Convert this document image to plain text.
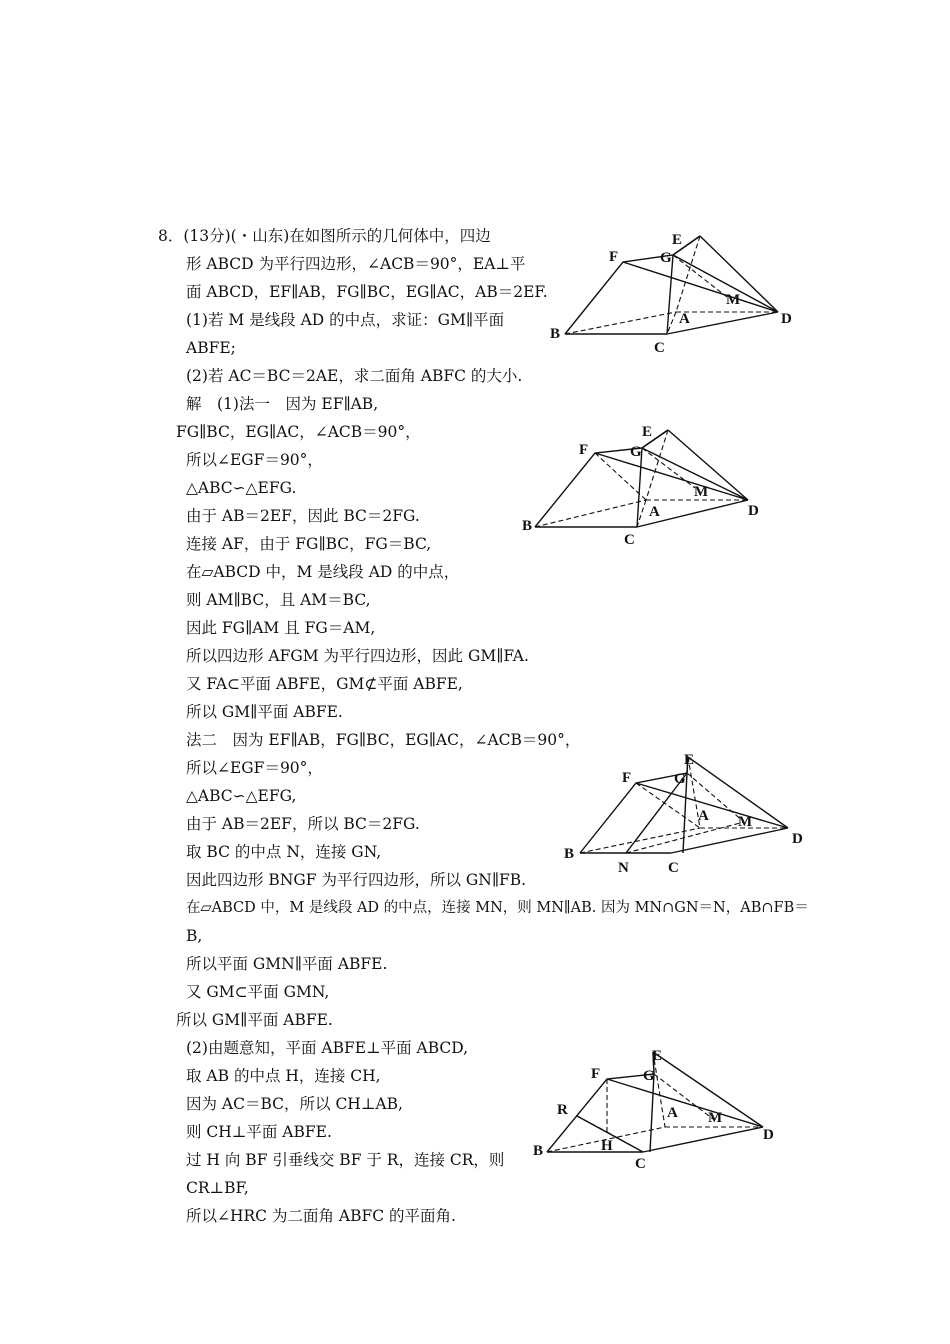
8．(13分)(・山东)在如图所示的几何体中，四边
形 ABCD 为平行四边形，∠ACB＝90°，EA⊥平
面 ABCD，EF∥AB，FG∥BC，EG∥AC，AB＝2EF.
(1)若 M 是线段 AD 的中点，求证：GM∥平面
ABFE;
(2)若 AC＝BC＝2AE，求二面角 ABFC 的大小.
解　(1)法一　因为 EF∥AB,
FG∥BC，EG∥AC，∠ACB＝90°，
所以∠EGF＝90°，
△ABC∽△EFG.
由于 AB＝2EF，因此 BC＝2FG.
连接 AF，由于 FG∥BC，FG＝BC,
在▱ABCD 中，M 是线段 AD 的中点，
则 AM∥BC，且 AM＝BC,
因此 FG∥AM 且 FG＝AM,
所以四边形 AFGM 为平行四边形，因此 GM∥FA.
又 FA⊂平面 ABFE，GM⊄平面 ABFE,
所以 GM∥平面 ABFE.
法二　因为 EF∥AB，FG∥BC，EG∥AC，∠ACB＝90°，
所以∠EGF＝90°，
△ABC∽△EFG,
由于 AB＝2EF，所以 BC＝2FG.
取 BC 的中点 N，连接 GN,
因此四边形 BNGF 为平行四边形，所以 GN∥FB.
在▱ABCD 中，M 是线段 AD 的中点，连接 MN，则 MN∥AB. 因为 MN∩GN＝N，AB∩FB＝
B,
所以平面 GMN∥平面 ABFE.
又 GM⊂平面 GMN,
所以 GM∥平面 ABFE.
(2)由题意知，平面 ABFE⊥平面 ABCD,
取 AB 的中点 H，连接 CH,
因为 AC＝BC，所以 CH⊥AB,
则 CH⊥平面 ABFE.
过 H 向 BF 引垂线交 BF 于 R，连接 CR，则
CR⊥BF,
所以∠HRC 为二面角 ABFC 的平面角.
E
F	G
M
A	D
B
C
E
F	G
M
A	D
B
C
E
F	G
A M
D
B
N	C
E
F	G
R	A M
D
B	H
C
